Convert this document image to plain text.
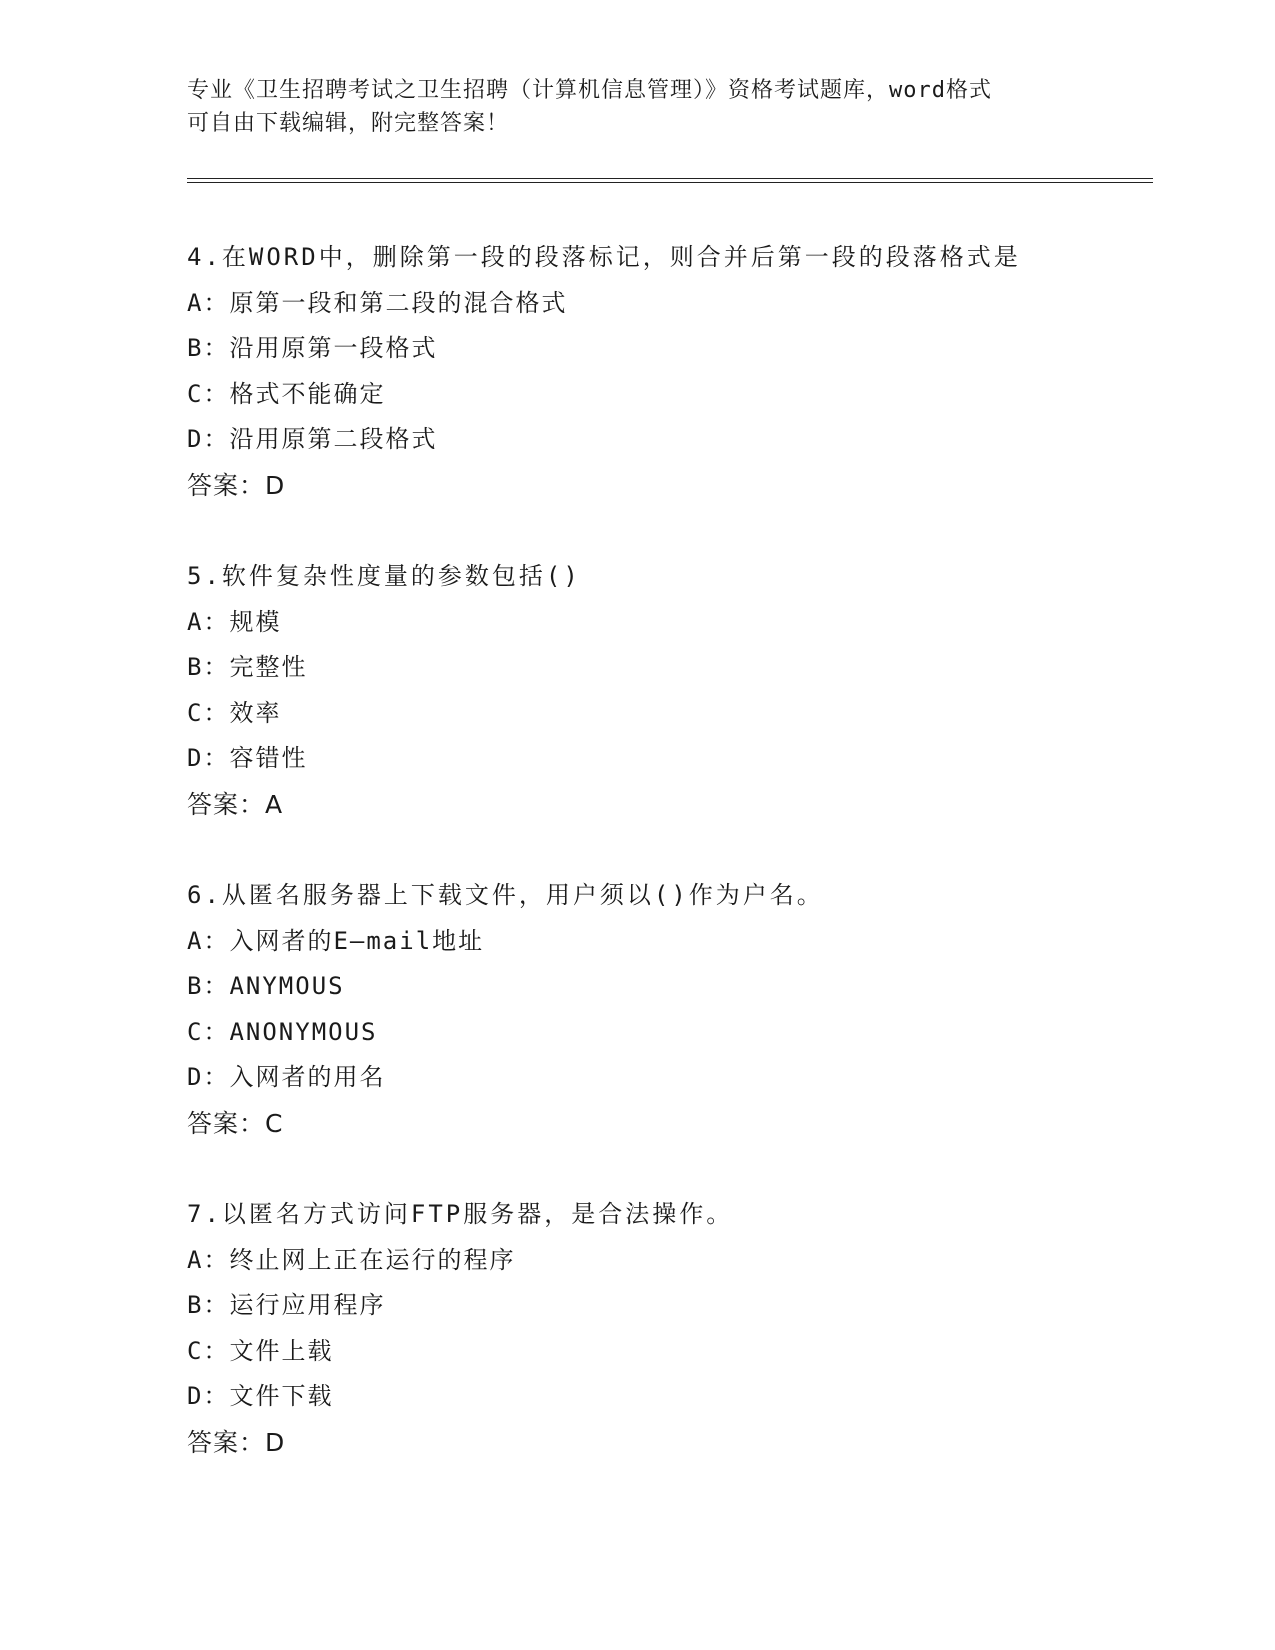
专业《卫生招聘考试之卫生招聘（计算机信息管理）》资格考试题库，word格式
可自由下载编辑，附完整答案！
4.在WORD中，删除第一段的段落标记，则合并后第一段的段落格式是
A：原第一段和第二段的混合格式
B：沿用原第一段格式
C：格式不能确定
D：沿用原第二段格式
答案：D
5.软件复杂性度量的参数包括()
A：规模
B：完整性
C：效率
D：容错性
答案：A
6.从匿名服务器上下载文件，用户须以()作为户名。
A：入网者的E—mail地址
B：ANYMOUS
C：ANONYMOUS
D：入网者的用名
答案：C
7.以匿名方式访问FTP服务器，是合法操作。
A：终止网上正在运行的程序
B：运行应用程序
C：文件上载
D：文件下载
答案：D
